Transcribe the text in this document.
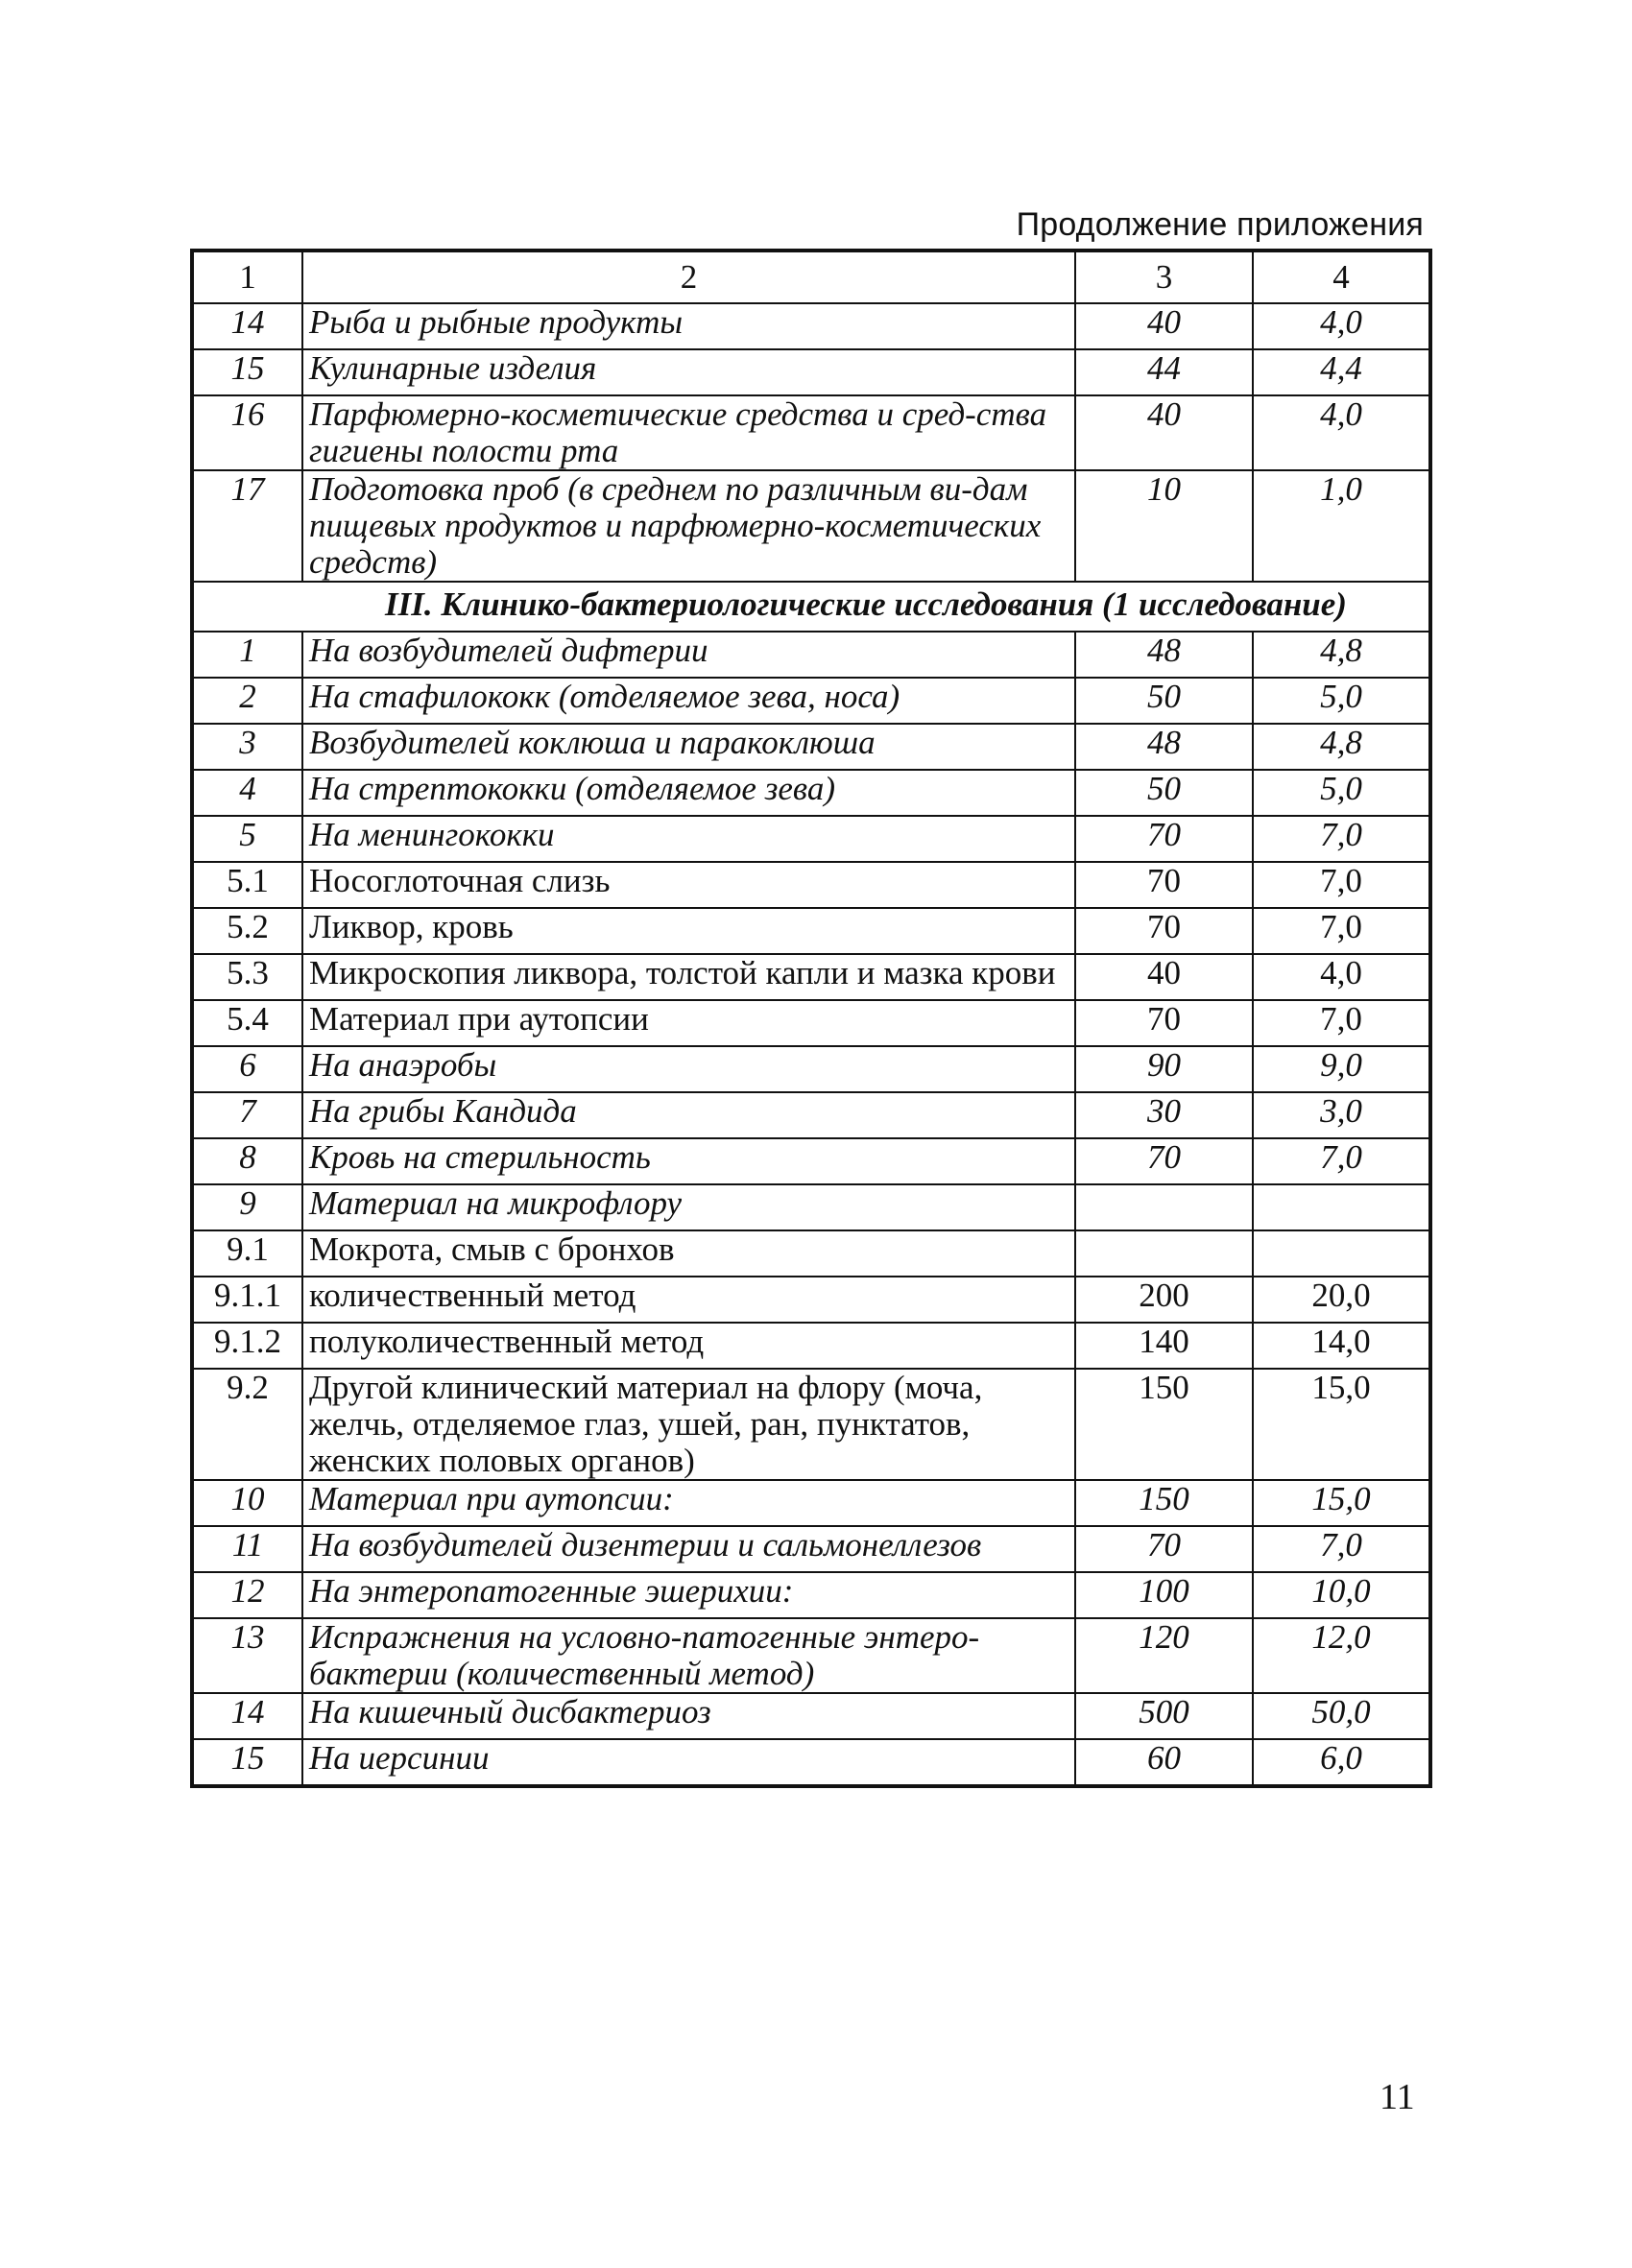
Продолжение приложения
1	2	3	4
14	Рыба и рыбные продукты	40	4,0
15	Кулинарные изделия	44	4,4
16	Парфюмерно-косметические средства и сред-ства гигиены полости рта	40	4,0
17	Подготовка проб (в среднем по различным ви-дам пищевых продуктов и парфюмерно-косметических средств)	10	1,0
III. Клинико-бактериологические исследования (1 исследование)			
1	На возбудителей дифтерии	48	4,8
2	На стафилококк (отделяемое зева, носа)	50	5,0
3	Возбудителей коклюша и паракоклюша	48	4,8
4	На стрептококки (отделяемое зева)	50	5,0
5	На менингококки	70	7,0
5.1	Носоглоточная слизь	70	7,0
5.2	Ликвор, кровь	70	7,0
5.3	Микроскопия ликвора, толстой капли и мазка крови	40	4,0
5.4	Материал при аутопсии	70	7,0
6	На анаэробы	90	9,0
7	На грибы Кандида	30	3,0
8	Кровь на стерильность	70	7,0
9	Материал на микрофлору		
9.1	Мокрота, смыв с бронхов		
9.1.1	количественный метод	200	20,0
9.1.2	полуколичественный метод	140	14,0
9.2	Другой клинический материал на флору (моча, желчь, отделяемое глаз, ушей, ран, пунктатов, женских половых органов)	150	15,0
10	Материал при аутопсии:	150	15,0
11	На возбудителей дизентерии и сальмонеллезов	70	7,0
12	На энтеропатогенные эшерихии:	100	10,0
13	Испражнения на условно-патогенные энтеро-бактерии (количественный метод)	120	12,0
14	На кишечный дисбактериоз	500	50,0
15	На иерсинии	60	6,0
11
